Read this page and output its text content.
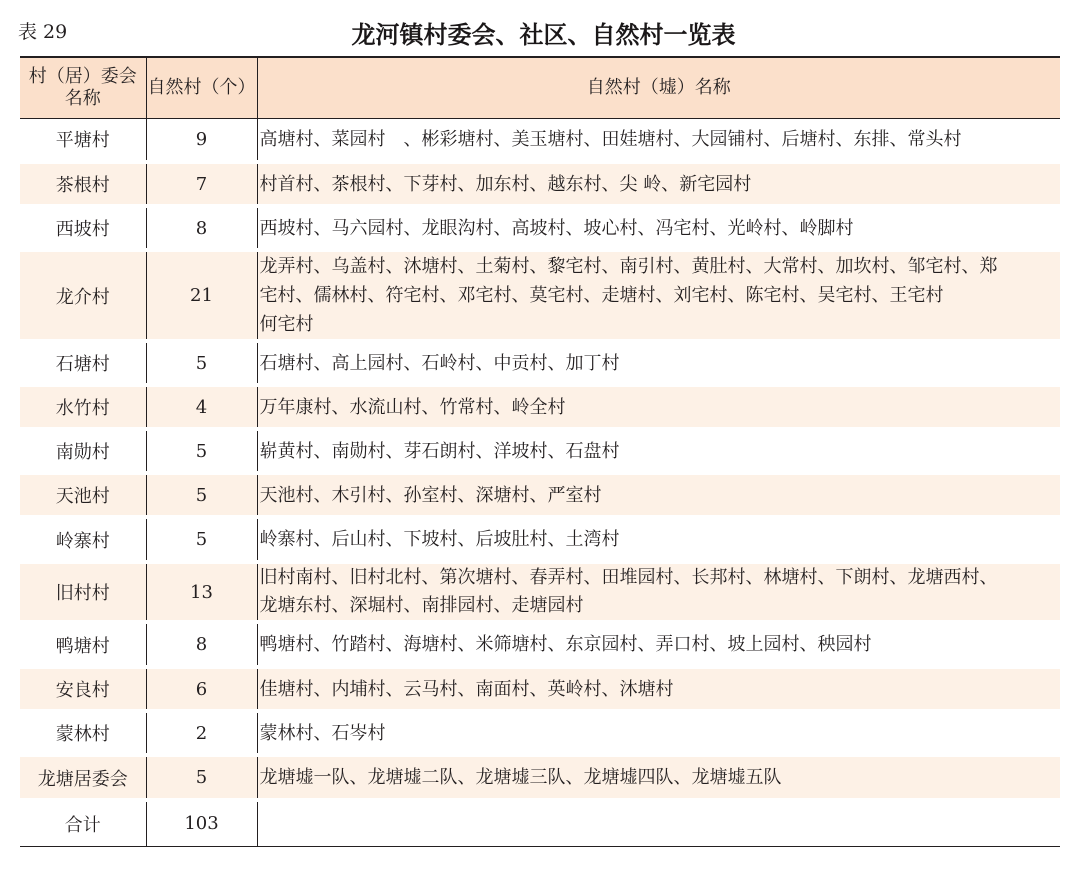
表 29	龙河镇村委会、社区、自然村一览表
村（居）委会名称	自然村（个）	自然村（墟）名称
平塘村	9	高塘村、菜园村　、彬彩塘村、美玉塘村、田娃塘村、大园铺村、后塘村、东排、常头村

茶根村	7	村首村、茶根村、下芽村、加东村、越东村、尖 岭、新宅园村

西坡村	8	西坡村、马六园村、龙眼沟村、高坡村、坡心村、冯宅村、光岭村、岭脚村

龙介村	21	龙弄村、乌盖村、沐塘村、土菊村、黎宅村、南引村、黄肚村、大常村、加坎村、邹宅村、郑
宅村、儒林村、符宅村、邓宅村、莫宅村、走塘村、刘宅村、陈宅村、吴宅村、王宅村
何宅村

石塘村	5	石塘村、高上园村、石岭村、中贡村、加丁村

水竹村	4	万年康村、水流山村、竹常村、岭全村

南勋村	5	崭黄村、南勋村、芽石朗村、洋坡村、石盘村

天池村	5	天池村、木引村、孙室村、深塘村、严室村

岭寨村	5	岭寨村、后山村、下坡村、后坡肚村、土湾村

旧村村	13	旧村南村、旧村北村、第次塘村、春弄村、田堆园村、长邦村、林塘村、下朗村、龙塘西村、
龙塘东村、深堀村、南排园村、走塘园村

鸭塘村	8	鸭塘村、竹踏村、海塘村、米筛塘村、东京园村、弄口村、坡上园村、秧园村

安良村	6	佳塘村、内埔村、云马村、南面村、英岭村、沐塘村

蒙林村	2	蒙林村、石岑村

龙塘居委会	5	龙塘墟一队、龙塘墟二队、龙塘墟三队、龙塘墟四队、龙塘墟五队

合计	103	
